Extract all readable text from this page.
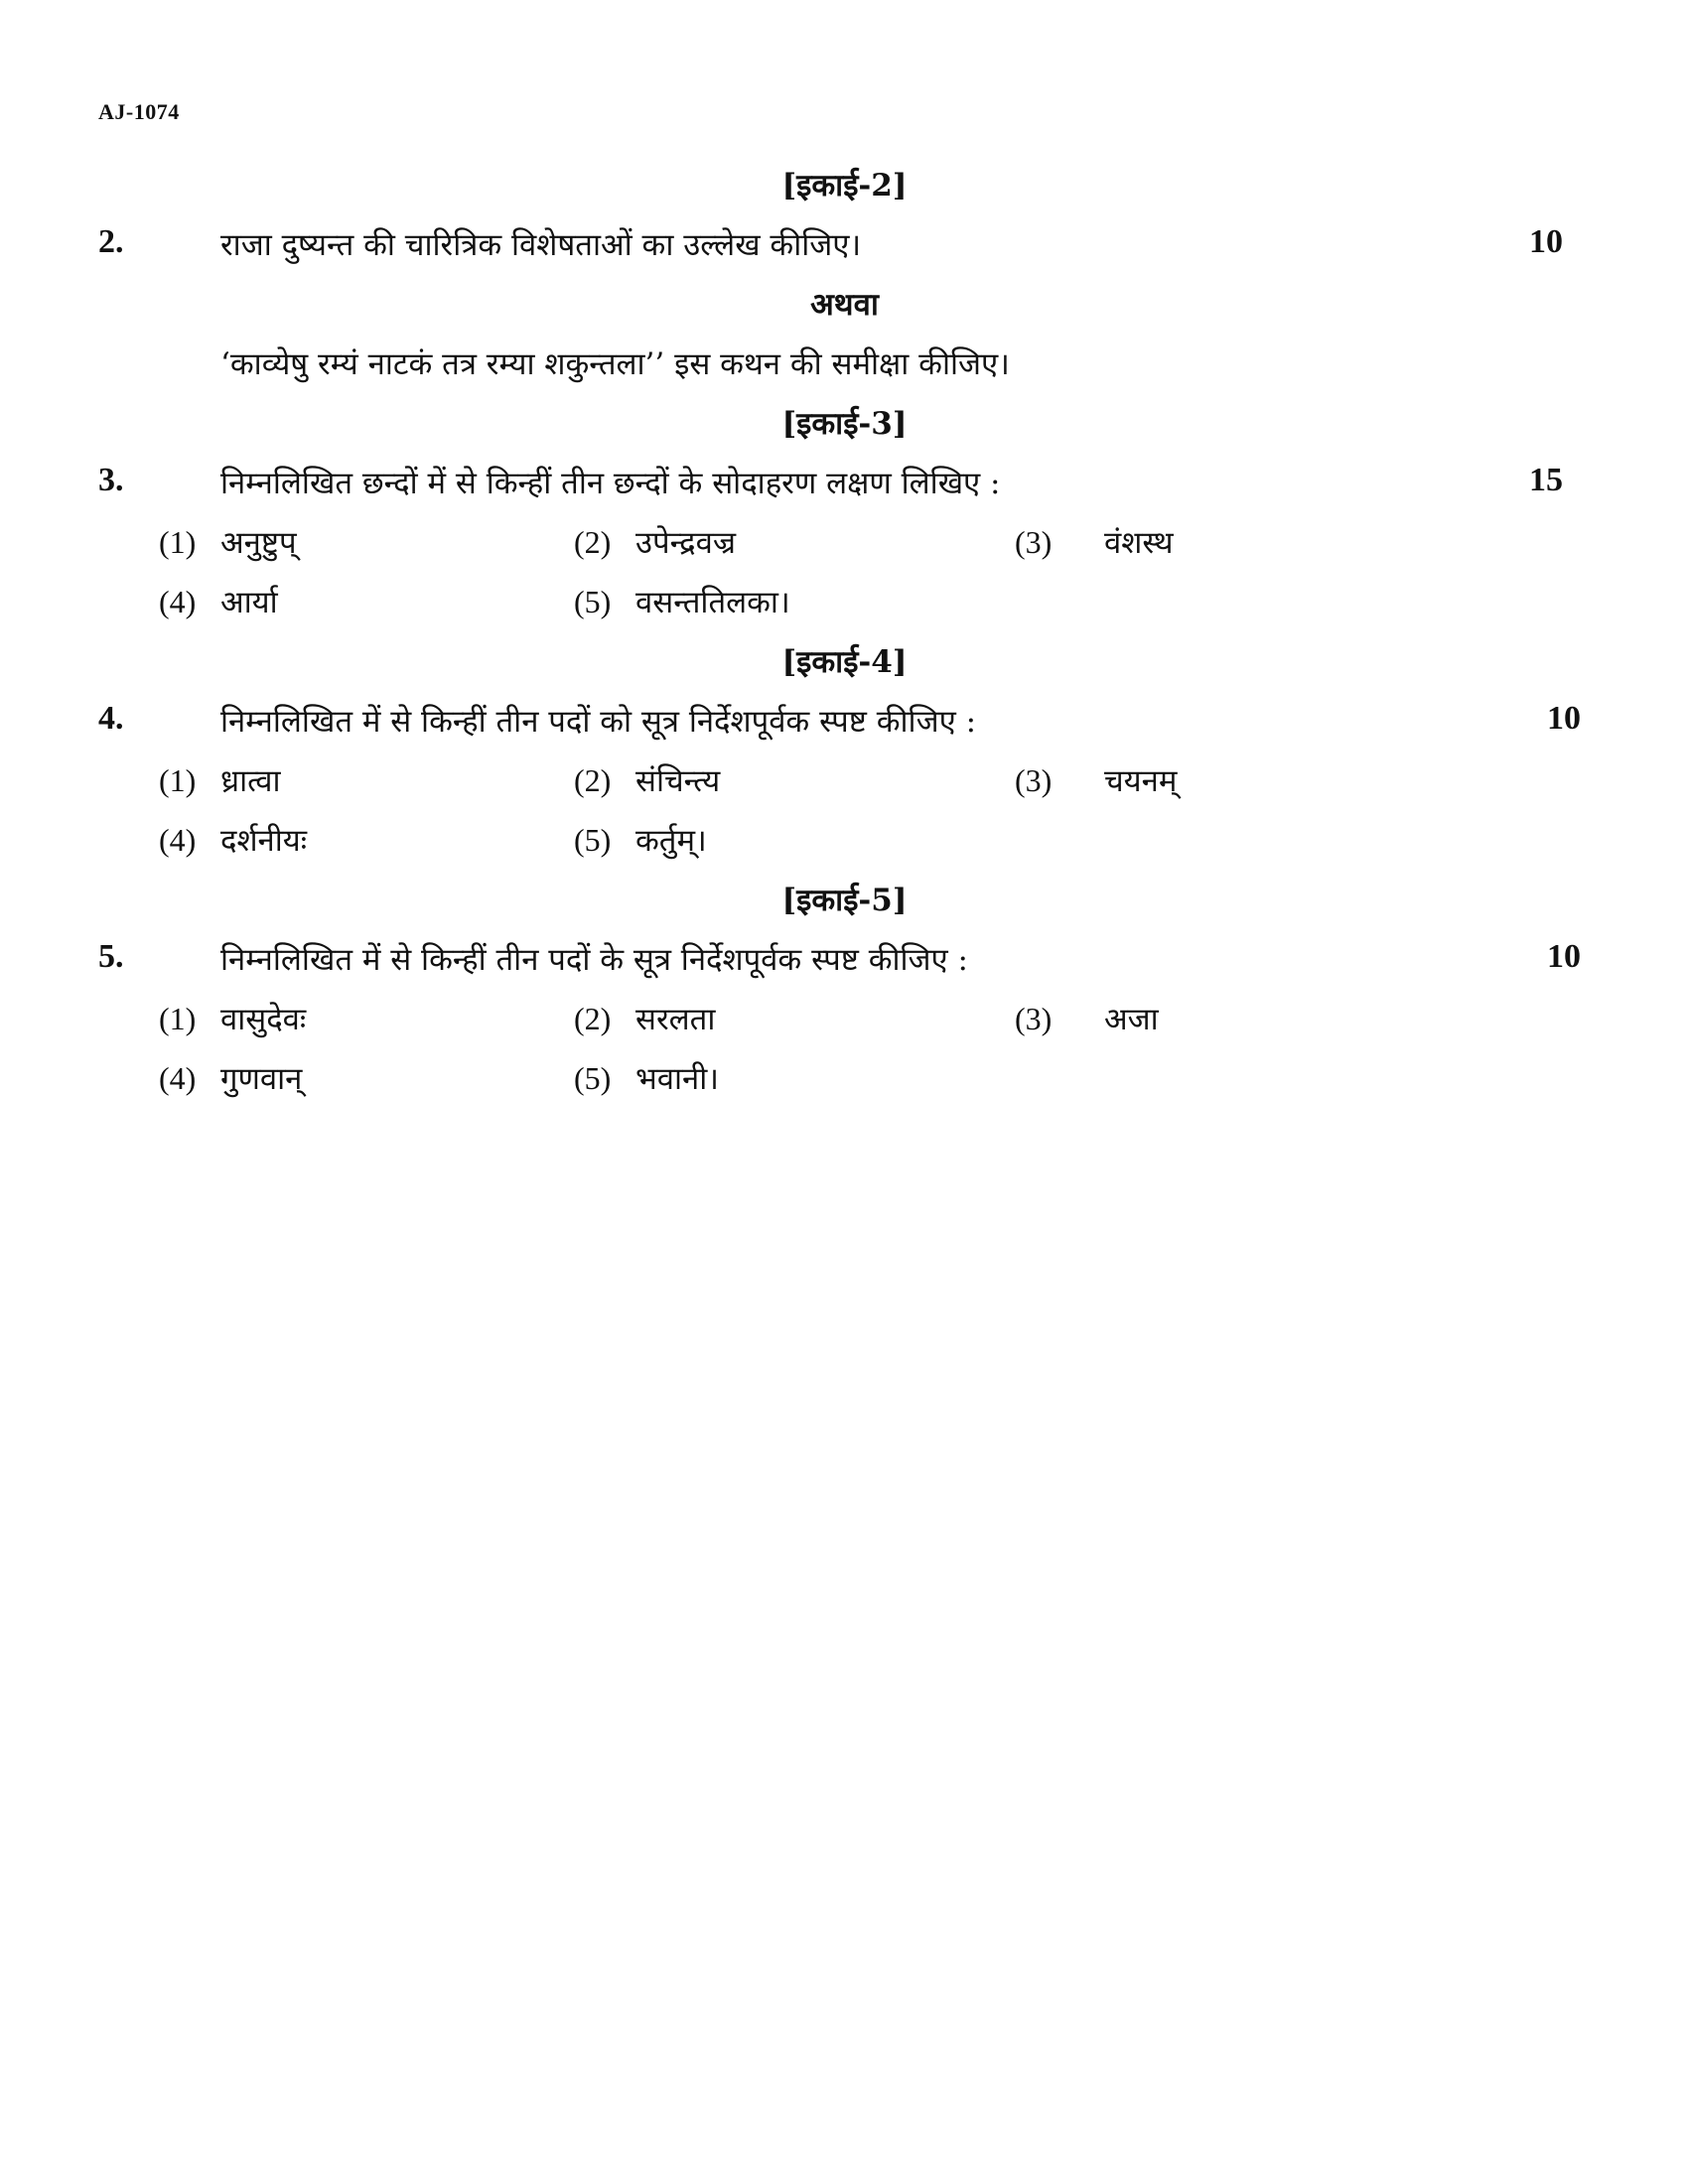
AJ-1074
[इकाई-2]
2.	राजा दुष्यन्त की चारित्रिक विशेषताओं का उल्लेख कीजिए।	10
अथवा
‘काव्येषु रम्यं नाटकं तत्र रम्या शकुन्तला’’ इस कथन की समीक्षा कीजिए।
[इकाई-3]
3.	निम्नलिखित छन्दों में से किन्हीं तीन छन्दों के सोदाहरण लक्षण लिखिए :	15
(1) अनुष्टुप्	(2) उपेन्द्रवज्र	(3) वंशस्थ
(4) आर्या	(5) वसन्ततिलका।
[इकाई-4]
4.	निम्नलिखित में से किन्हीं तीन पदों को सूत्र निर्देशपूर्वक स्पष्ट कीजिए :	10
(1) ध्रात्वा	(2) संचिन्त्य	(3) चयनम्
(4) दर्शनीयः	(5) कर्तुम्।
[इकाई-5]
5.	निम्नलिखित में से किन्हीं तीन पदों के सूत्र निर्देशपूर्वक स्पष्ट कीजिए :	10
(1) वासुदेवः	(2) सरलता	(3) अजा
(4) गुणवान्	(5) भवानी।
